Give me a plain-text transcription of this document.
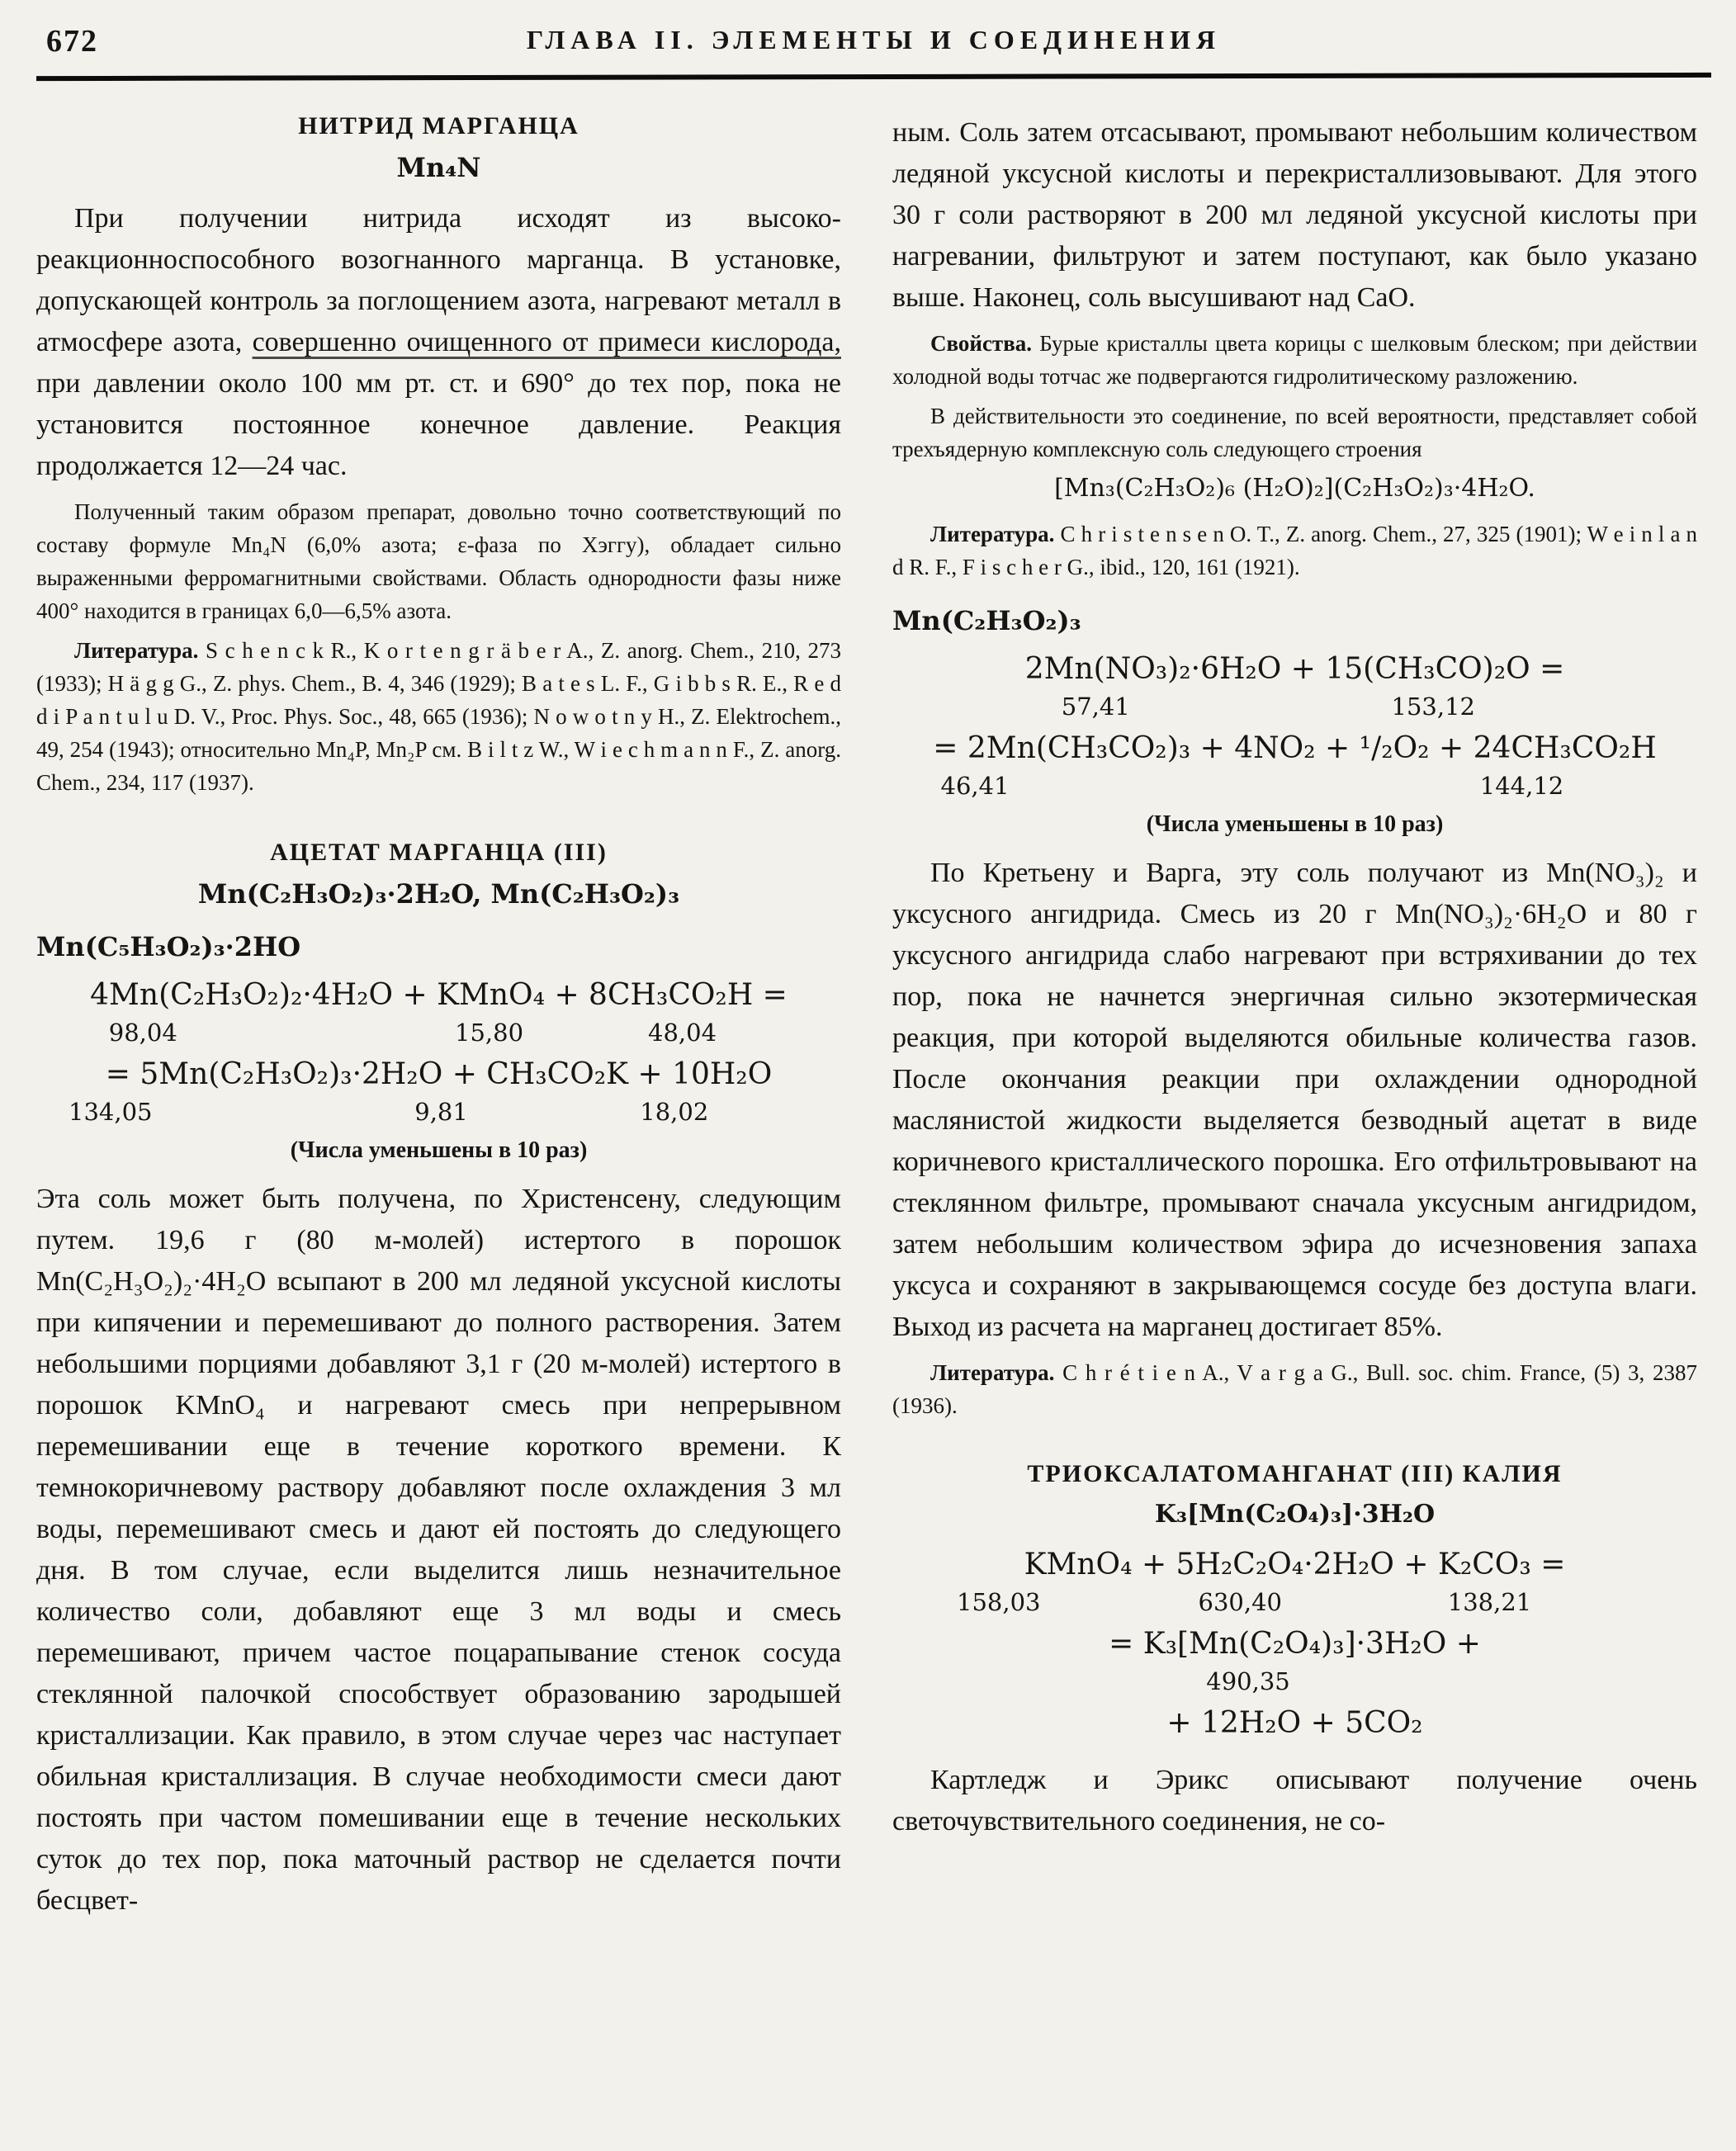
672	ГЛАВА II. ЭЛЕМЕНТЫ И СОЕДИНЕНИЯ
НИТРИД МАРГАНЦА
Mn₄N

При получении нитрида исходят из высоко-реакционноспособного возогнанного марганца. В установке, допускающей контроль за поглощением азота, нагревают металл в атмосфере азота, совершенно очищенного от примеси кислорода, при давлении около 100 мм рт. ст. и 690° до тех пор, пока не установится постоянное конечное давление. Реакция продолжается 12—24 час.

Полученный таким образом препарат, довольно точно соответствующий по составу формуле Mn₄N (6,0% азота; ε-фаза по Хэггу), обладает сильно выраженными ферромагнитными свойствами. Область однородности фазы ниже 400° находится в границах 6,0—6,5% азота.

Литература. S c h e n c k R., K o r t e n g r ä b e r A., Z. anorg. Chem., 210, 273 (1933); H ä g g G., Z. phys. Chem., B. 4, 346 (1929); B a t e s L. F., G i b b s R. E., R e d d i P a n t u l u D. V., Proc. Phys. Soc., 48, 665 (1936); N o w o t n y H., Z. Elektrochem., 49, 254 (1943); относительно Mn₄P, Mn₂P см. B i l t z W., W i e c h m a n n F., Z. anorg. Chem., 234, 117 (1937).

АЦЕТАТ МАРГАНЦА (III)
Mn(C₂H₃O₂)₃·2H₂O, Mn(C₂H₃O₂)₃
Mn(C₅H₃O₂)₃·2HO
4Mn(C₂H₃O₂)₂·4H₂O + KMnO₄ + 8CH₃CO₂H =
98,04	15,80	48,04
= 5Mn(C₂H₃O₂)₃·2H₂O + CH₃CO₂K + 10H₂O
134,05	9,81	18,02
(Числа уменьшены в 10 раз)

Эта соль может быть получена, по Христенсену, следующим путем. 19,6 г (80 м-молей) истертого в порошок Mn(C₂H₃O₂)₂·4H₂O всыпают в 200 мл ледяной уксусной кислоты при кипячении и перемешивают до полного растворения. Затем небольшими порциями добавляют 3,1 г (20 м-молей) истертого в порошок KMnO₄ и нагревают смесь при непрерывном перемешивании еще в течение короткого времени. К темнокоричневому раствору добавляют после охлаждения 3 мл воды, перемешивают смесь и дают ей постоять до следующего дня. В том случае, если выделится лишь незначительное количество соли, добавляют еще 3 мл воды и смесь перемешивают, причем частое поцарапывание стенок сосуда стеклянной палочкой способствует образованию зародышей кристаллизации. Как правило, в этом случае через час наступает обильная кристаллизация. В случае необходимости смеси дают постоять при частом помешивании еще в течение нескольких суток до тех пор, пока маточный раствор не сделается почти бесцвет-

ным. Соль затем отсасывают, промывают небольшим количеством ледяной уксусной кислоты и перекристаллизовывают. Для этого 30 г соли растворяют в 200 мл ледяной уксусной кислоты при нагревании, фильтруют и затем поступают, как было указано выше. Наконец, соль высушивают над CaO.

Свойства. Бурые кристаллы цвета корицы с шелковым блеском; при действии холодной воды тотчас же подвергаются гидролитическому разложению.

В действительности это соединение, по всей вероятности, представляет собой трехъядерную комплексную соль следующего строения

[Mn₃(C₂H₃O₂)₆ (H₂O)₂](C₂H₃O₂)₃·4H₂O.

Литература. C h r i s t e n s e n O. T., Z. anorg. Chem., 27, 325 (1901); W e i n l a n d R. F., F i s c h e r G., ibid., 120, 161 (1921).

Mn(C₂H₃O₂)₃
2Mn(NO₃)₂·6H₂O + 15(CH₃CO)₂O =
57,41	153,12
= 2Mn(CH₃CO₂)₃ + 4NO₂ + ¹/₂O₂ + 24CH₃CO₂H
46,41	144,12
(Числа уменьшены в 10 раз)

По Кретьену и Варга, эту соль получают из Mn(NO₃)₂ и уксусного ангидрида. Смесь из 20 г Mn(NO₃)₂·6H₂O и 80 г уксусного ангидрида слабо нагревают при встряхивании до тех пор, пока не начнется энергичная сильно экзотермическая реакция, при которой выделяются обильные количества газов. После окончания реакции при охлаждении однородной маслянистой жидкости выделяется безводный ацетат в виде коричневого кристаллического порошка. Его отфильтровывают на стеклянном фильтре, промывают сначала уксусным ангидридом, затем небольшим количеством эфира до исчезновения запаха уксуса и сохраняют в закрывающемся сосуде без доступа влаги. Выход из расчета на марганец достигает 85%.

Литература. C h r é t i e n A., V a r g a G., Bull. soc. chim. France, (5) 3, 2387 (1936).

ТРИОКСАЛАТОМАНГАНАТ (III) КАЛИЯ
K₃[Mn(C₂O₄)₃]·3H₂O
KMnO₄ + 5H₂C₂O₄·2H₂O + K₂CO₃ =
158,03	630,40	138,21
= K₃[Mn(C₂O₄)₃]·3H₂O +
490,35
+ 12H₂O + 5CO₂

Картледж и Эрикс описывают получение очень светочувствительного соединения, не со-
